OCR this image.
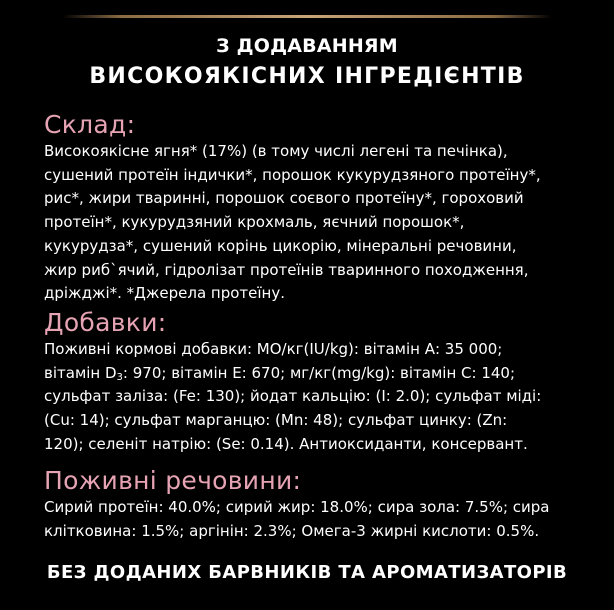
З ДОДАВАННЯМ
ВИСОКОЯКІСНИХ ІНГРЕДІЄНТІВ
Склад:
Високоякісне ягня* (17%) (в тому числі легені та печінка),
сушений протеїн індички*, порошок кукурудзяного протеїну*,
рис*, жири тваринні, порошок соєвого протеїну*, гороховий
протеїн*, кукурудзяний крохмаль, яєчний порошок*,
кукурудза*, сушений корінь цикорію, мінеральні речовини,
жир риб`ячий, гідролізат протеїнів тваринного походження,
дріжджі*. *Джерела протеїну.
Добавки:
Поживні кормові добавки: МО/кг(IU/kg): вітамін А: 35 000;
вітамін $D_3$: 970; вітамін Е: 670; мг/кг(mg/kg): вітамін С: 140;
сульфат заліза: (Fe: 130); йодат кальцію: (I: 2.0); сульфат міді:
(Cu: 14); сульфат марганцю: (Mn: 48); сульфат цинку: (Zn:
120); селеніт натрію: (Se: 0.14). Антиоксиданти, консервант.
Поживні речовини:
Сирий протеїн: 40.0%; сирий жир: 18.0%; сира зола: 7.5%; сира
клітковина: 1.5%; аргінін: 2.3%; Омега-3 жирні кислоти: 0.5%.
БЕЗ ДОДАНИХ БАРВНИКІВ ТА АРОМАТИЗАТОРІВ
